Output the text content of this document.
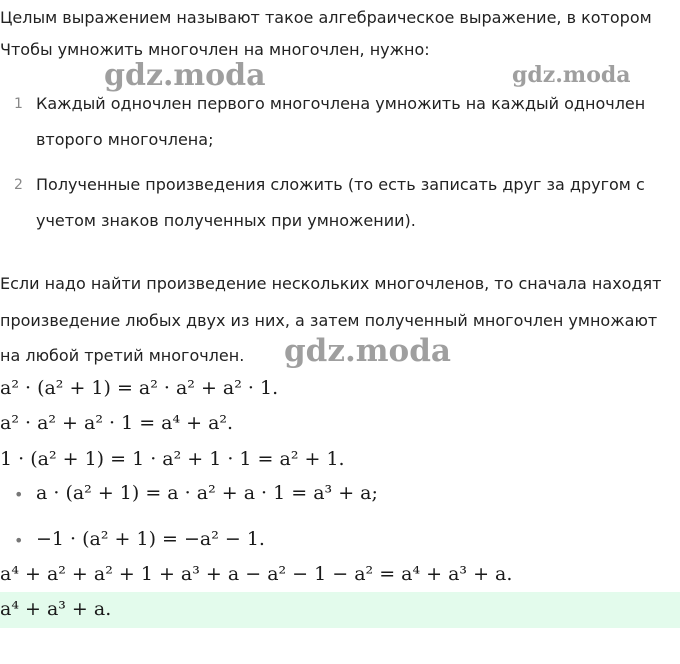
Целым выражением называют такое алгебраическое выражение, в котором
Чтобы умножить многочлен на многочлен, нужно:
gdz.moda	gdz.moda
1 Каждый одночлен первого многочлена умножить на каждый одночлен
второго многочлена;
2 Полученные произведения сложить (то есть записать друг за другом с
учетом знаков полученных при умножении).
Если надо найти произведение нескольких многочленов, то сначала находят
произведение любых двух из них, а затем полученный многочлен умножают
на любой третий многочлен. gdz.moda
a² · (a² + 1) = a² · a² + a² · 1.
a² · a² + a² · 1 = a⁴ + a².
1 · (a² + 1) = 1 · a² + 1 · 1 = a² + 1.
• a · (a² + 1) = a · a² + a · 1 = a³ + a;
• −1 · (a² + 1) = −a² − 1.
a⁴ + a² + a² + 1 + a³ + a − a² − 1 − a² = a⁴ + a³ + a.
a⁴ + a³ + a.
